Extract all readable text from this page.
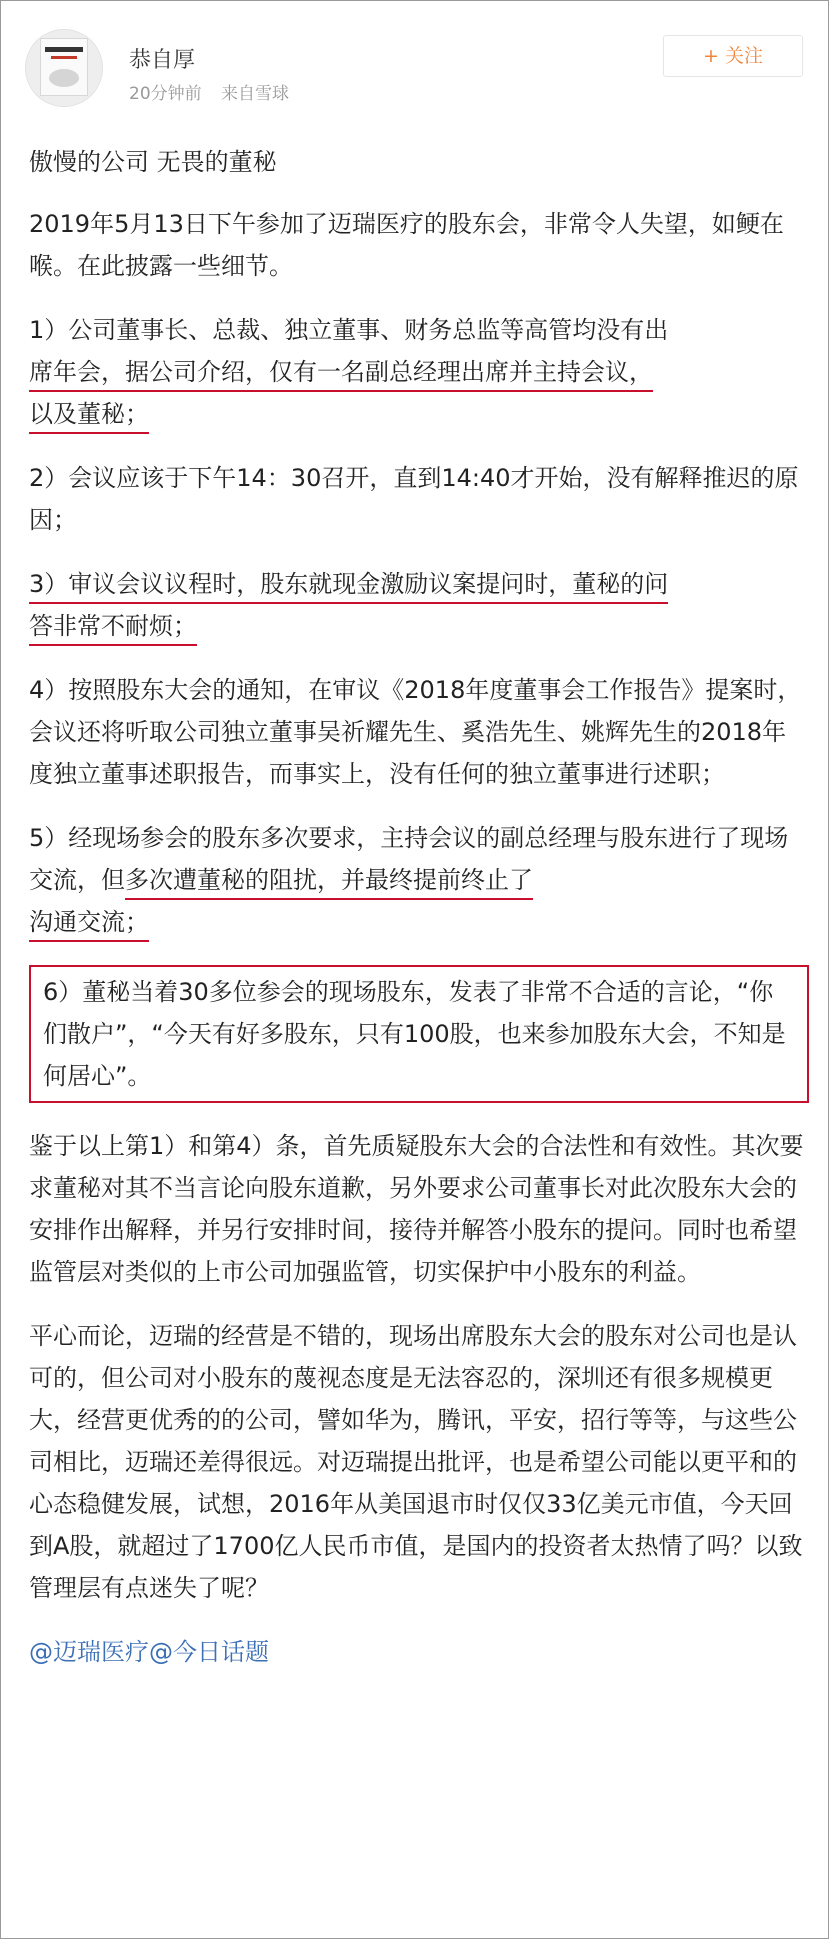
恭自厚
20分钟前 来自雪球
+ 关注

傲慢的公司 无畏的董秘

2019年5月13日下午参加了迈瑞医疗的股东会，非常令人失望，如鲠在喉。在此披露一些细节。

1）公司董事长、总裁、独立董事、财务总监等高管均没有出
席年会，据公司介绍，仅有一名副总经理出席并主持会议，
以及董秘；

2）会议应该于下午14：30召开，直到14:40才开始，没有解释推迟的原因；

3）审议会议议程时，股东就现金激励议案提问时，董秘的问
答非常不耐烦；

4）按照股东大会的通知，在审议《2018年度董事会工作报告》提案时，会议还将听取公司独立董事吴祈耀先生、奚浩先生、姚辉先生的2018年度独立董事述职报告，而事实上，没有任何的独立董事进行述职；

5）经现场参会的股东多次要求，主持会议的副总经理与股东进行了现场交流，但多次遭董秘的阻扰，并最终提前终止了
沟通交流；

6）董秘当着30多位参会的现场股东，发表了非常不合适的言论，“你们散户”，“今天有好多股东，只有100股，也来参加股东大会，不知是何居心”。

鉴于以上第1）和第4）条，首先质疑股东大会的合法性和有效性。其次要求董秘对其不当言论向股东道歉，另外要求公司董事长对此次股东大会的安排作出解释，并另行安排时间，接待并解答小股东的提问。同时也希望监管层对类似的上市公司加强监管，切实保护中小股东的利益。

平心而论，迈瑞的经营是不错的，现场出席股东大会的股东对公司也是认可的，但公司对小股东的蔑视态度是无法容忍的，深圳还有很多规模更大，经营更优秀的的公司，譬如华为，腾讯，平安，招行等等，与这些公司相比，迈瑞还差得很远。对迈瑞提出批评，也是希望公司能以更平和的心态稳健发展，试想，2016年从美国退市时仅仅33亿美元市值，今天回到A股，就超过了1700亿人民币市值，是国内的投资者太热情了吗？以致管理层有点迷失了呢？

@迈瑞医疗@今日话题
